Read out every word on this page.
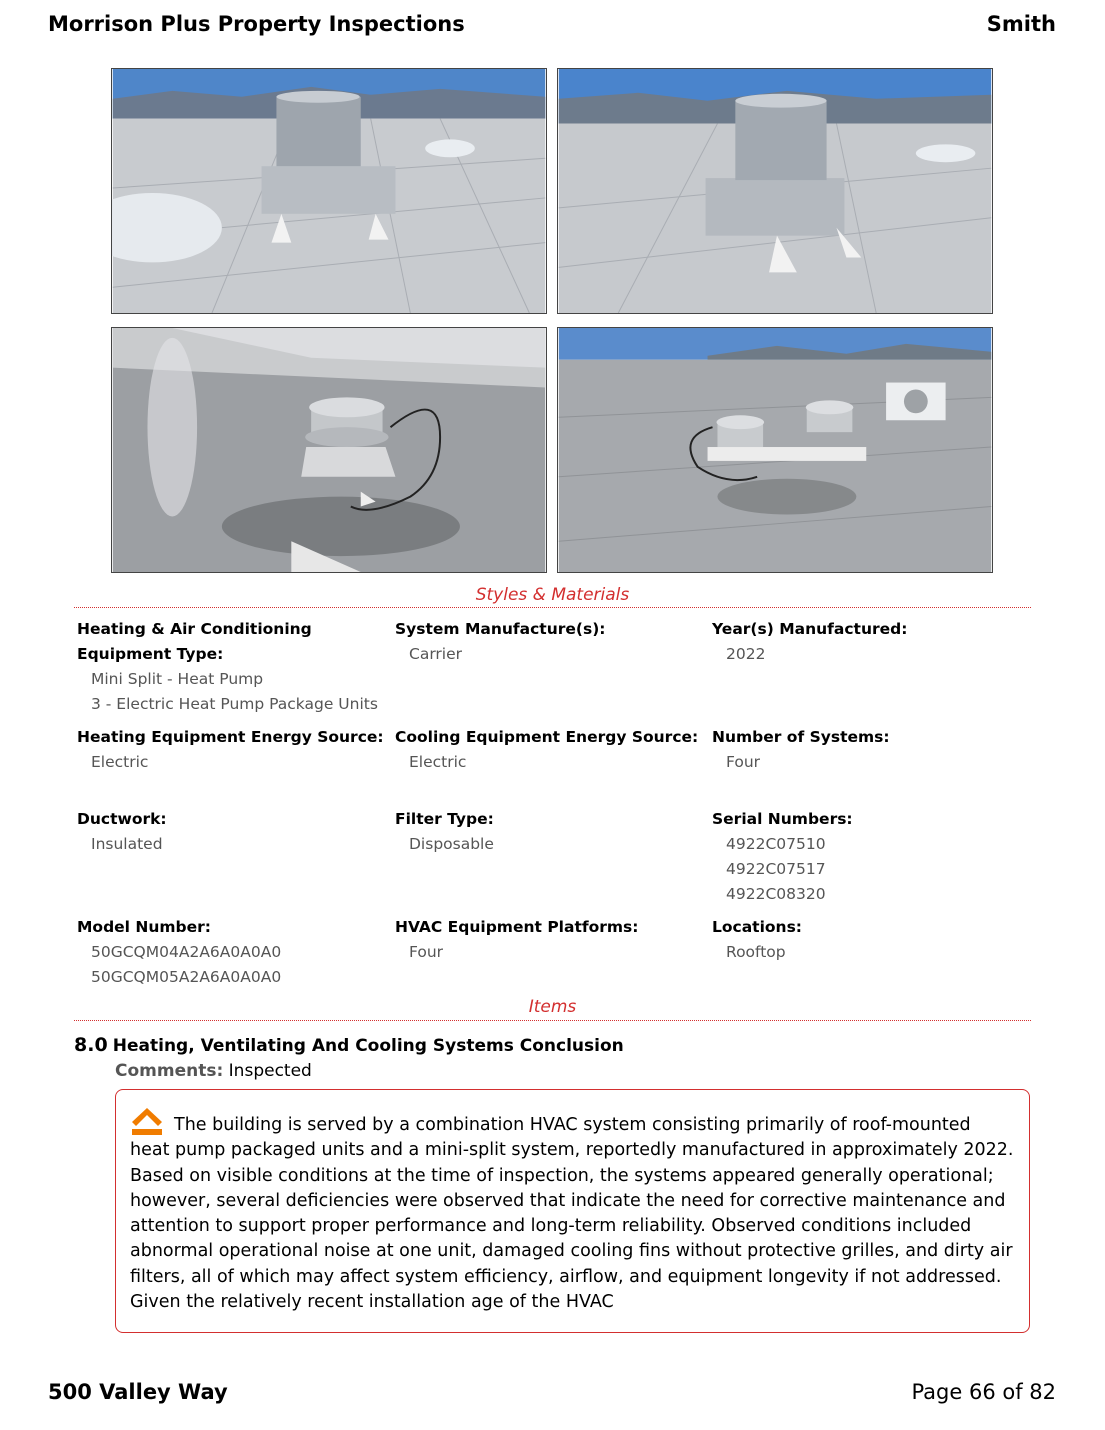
Morrison Plus Property Inspections	Smith
Styles & Materials
Heating & Air Conditioning Equipment Type:
Mini Split - Heat Pump
3 - Electric Heat Pump Package Units
System Manufacture(s):
Carrier
Year(s) Manufactured:
2022
Heating Equipment Energy Source:
Electric
Cooling Equipment Energy Source:
Electric
Number of Systems:
Four
Ductwork:
Insulated
Filter Type:
Disposable
Serial Numbers:
4922C07510
4922C07517
4922C08320
Model Number:
50GCQM04A2A6A0A0A0
50GCQM05A2A6A0A0A0
HVAC Equipment Platforms:
Four
Locations:
Rooftop
Items
8.0 Heating, Ventilating And Cooling Systems Conclusion
Comments: Inspected

The building is served by a combination HVAC system consisting primarily of roof-mounted heat pump packaged units and a mini-split system, reportedly manufactured in approximately 2022. Based on visible conditions at the time of inspection, the systems appeared generally operational; however, several deficiencies were observed that indicate the need for corrective maintenance and attention to support proper performance and long-term reliability. Observed conditions included abnormal operational noise at one unit, damaged cooling fins without protective grilles, and dirty air filters, all of which may affect system efficiency, airflow, and equipment longevity if not addressed. Given the relatively recent installation age of the HVAC

500 Valley Way	Page 66 of 82
